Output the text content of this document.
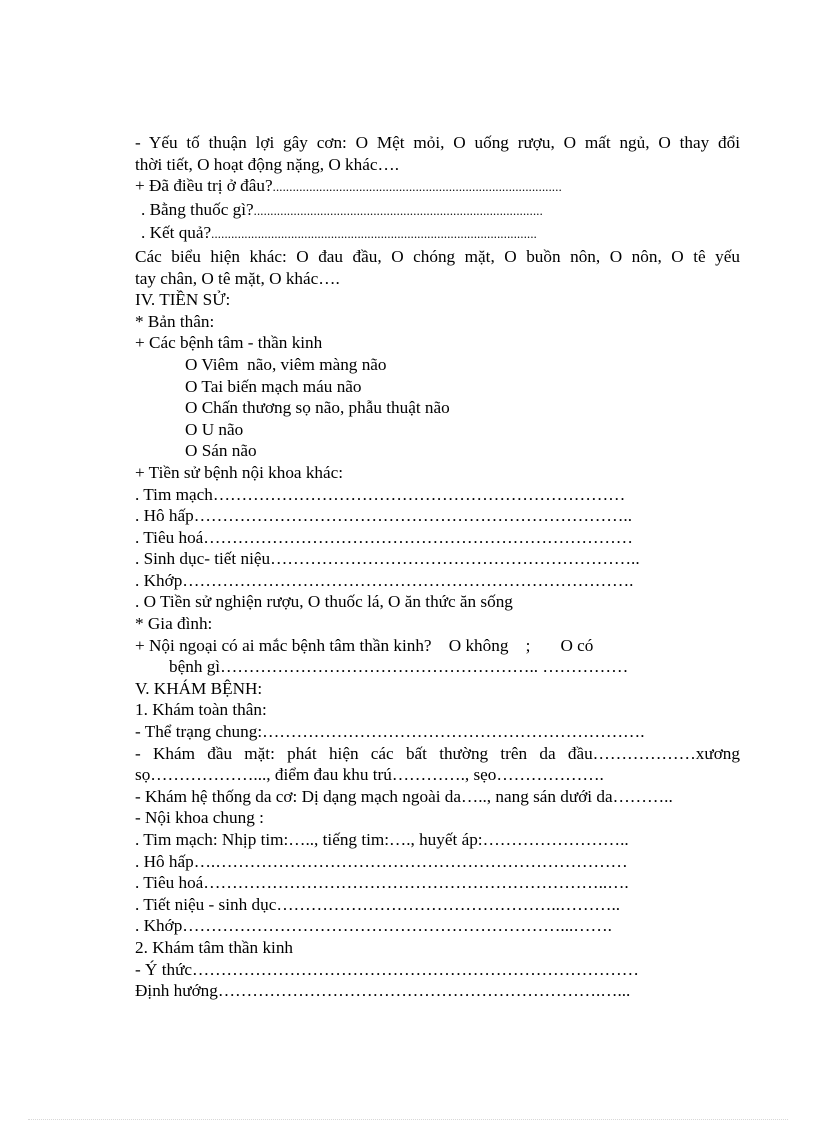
- Yếu tố thuận lợi gây cơn: O Mệt mỏi, O uống rượu, O mất ngủ, O thay đổi
thời tiết, O hoạt động nặng, O khác….
+ Đã điều trị ở đâu?.......................................................................................
. Bằng thuốc gì?.......................................................................................
. Kết quả?..................................................................................................
Các biểu hiện khác: O đau đầu, O chóng mặt, O buồn nôn, O nôn, O tê yếu
tay chân, O tê mặt, O khác….
IV. TIỀN SỬ:
* Bản thân:
+ Các bệnh tâm - thần kinh
O Viêm  não, viêm màng não
O Tai biến mạch máu não
O Chấn thương sọ não, phẫu thuật não
O U não
O Sán não
+ Tiền sử bệnh nội khoa khác:
. Tim mạch………………………………………………………………
. Hô hấp…………………………………………………………………..
. Tiêu hoá…………………………………………………………………
. Sinh dục- tiết niệu………………………………………………………..
. Khớp…………………………………………………………………….
. O Tiền sử nghiện rượu, O thuốc lá, O ăn thức ăn sống
* Gia đình:
+ Nội ngoại có ai mắc bệnh tâm thần kinh?    O không    ;       O có
bệnh gì……………………………………………….. ……………
V. KHÁM BỆNH:
1. Khám toàn thân:
- Thể trạng chung:………………………………………………………….
- Khám đầu mặt: phát hiện các bất thường trên da đầu………………xương
sọ………………..., điểm đau khu trú…………., sẹo……………….
- Khám hệ thống da cơ: Dị dạng mạch ngoài da….., nang sán dưới da………..
- Nội khoa chung :
. Tim mạch: Nhịp tim:….., tiếng tim:…., huyết áp:……………………..
. Hô hấp….………………………………………………………………
. Tiêu hoá……………………………………………………………..….
. Tiết niệu - sinh dục…………………………………………..………..
. Khớp…………………………………………………………...…….
2. Khám tâm thần kinh
- Ý thức……………………………………………………………………
Định hướng………………………………………………………….…...
